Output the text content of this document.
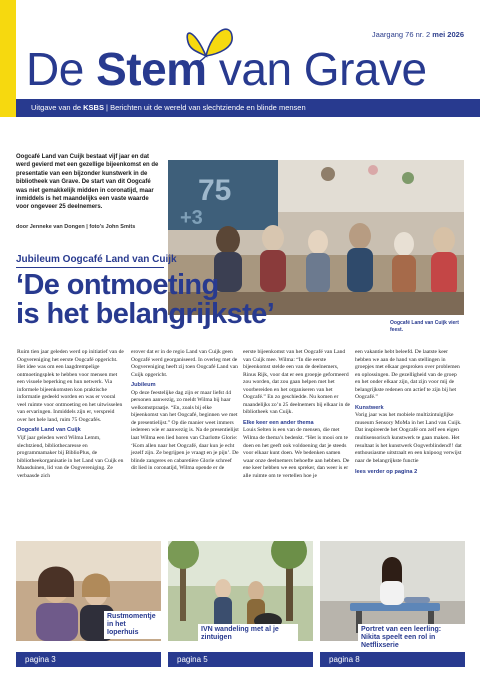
Jaargang 76 nr. 2 mei 2026
De Stem van Grave
Uitgave van de KSBS | Berichten uit de wereld van slechtziende en blinde mensen

Oogcafé Land van Cuijk bestaat vijf jaar en dat werd gevierd met een gezellige bijeenkomst en de presentatie van een bijzonder kunstwerk in de bibliotheek van Grave. De start van dit Oogcafé was niet gemakkelijk midden in coronatijd, maar inmiddels is het maandelijks een vaste waarde voor ongeveer 25 deelnemers.

door Jenneke van Dongen | foto's John Smits

75
+3

Oogcafé Land van Cuijk viert feest.

Jubileum Oogcafé Land van Cuijk
‘De ontmoeting
is het belangrijkste’

Ruim tien jaar geleden werd op initiatief van de Oogvereniging het eerste Oogcafé opgericht. Het idee was om een laagdrempelige ontmoetingsplek te hebben voor mensen met een visuele beperking en hun netwerk. Via informele bijeenkomsten kon praktische informatie gedeeld worden en was er vooral veel ruimte voor ontmoeting en het uitwisselen van ervaringen. Inmiddels zijn er, verspreid over het hele land, ruim 75 Oogcafés.

Oogcafé Land van Cuijk

Vijf jaar geleden werd Wilma Lemm, slechtziend, bibliothecaresse en programmamaker bij BiblioPlus, de bibliotheekorganisatie in het Land van Cuijk en Maasduinen, lid van de Oogvereniging. Ze verbaasde zich

erover dat er in de regio Land van Cuijk geen Oogcafé werd georganiseerd. In overleg met de Oogvereniging heeft zij toen Oogcafé Land van Cuijk opgericht.

Jubileum

Op deze feestelijke dag zijn er maar liefst 44 personen aanwezig, zo meldt Wilma bij haar welkomstpraatje. “En, zoals bij elke bijeenkomst van het Oogcafé, beginnen we met de presentielijst.” Op die manier weet immers iedereen wie er aanwezig is. Na de presentielijst laat Wilma een lied horen van Charlotte Glorie: ‘Kom allen naar het Oogcafé, daar kun je echt jezelf zijn. Ze begrijpen je vraagt en je pijn’. De blinde zangeres en cabaretière Glorie schreef dit lied in coronatijd, Wilma opende er de

eerste bijeenkomst van het Oogcafé van Land van Cuijk mee. Wilma: “In die eerste bijeenkomst stelde een van de deelnemers, Rinus Rijk, voor dat er een groepje geformeerd zou worden, dat zou gaan helpen met het voorbereiden en het organiseren van het Oogcafé.” En zo geschiedde. Nu komen er maandelijks zo’n 25 deelnemers bij elkaar in de bibliotheek van Cuijk.

Elke keer een ander thema

Louis Selten is een van de mensen, die met Wilma de thema’s bedenkt. “Het is mooi om te doen en het geeft ook voldoening dat je steeds voor elkaar kunt doen. We bedenken samen waar onze deelnemers behoefte aan hebben. De ene keer hebben we een spreker, dan weer is er alle ruimte om te vertellen hoe je

een vakantie hebt beleefd. De laatste keer hebben we aan de hand van stellingen in groepjes met elkaar gesproken over problemen en oplossingen. De gezelligheid van de groep en het onder elkaar zijn, dat zijn voor mij de belangrijkste redenen om actief te zijn bij het Oogcafé.”

Kunstwerk

Vorig jaar was het mobiele multizintuiglijke museum Sensory MoMa in het Land van Cuijk. Dat inspireerde het Oogcafé om zelf een eigen multisensorisch kunstwerk te gaan maken. Het resultaat is het kunstwerk Oogverblindend!! dat enthousiasme uitstraalt en een knipoog verwijst naar de belangrijkste functie

lees verder op pagina 2

Rustmomentje in het Ioperhuis
pagina 3
IVN wandeling met al je zintuigen
pagina 5
Portret van een leerling: Nikita speelt een rol in Netflixserie
pagina 8
